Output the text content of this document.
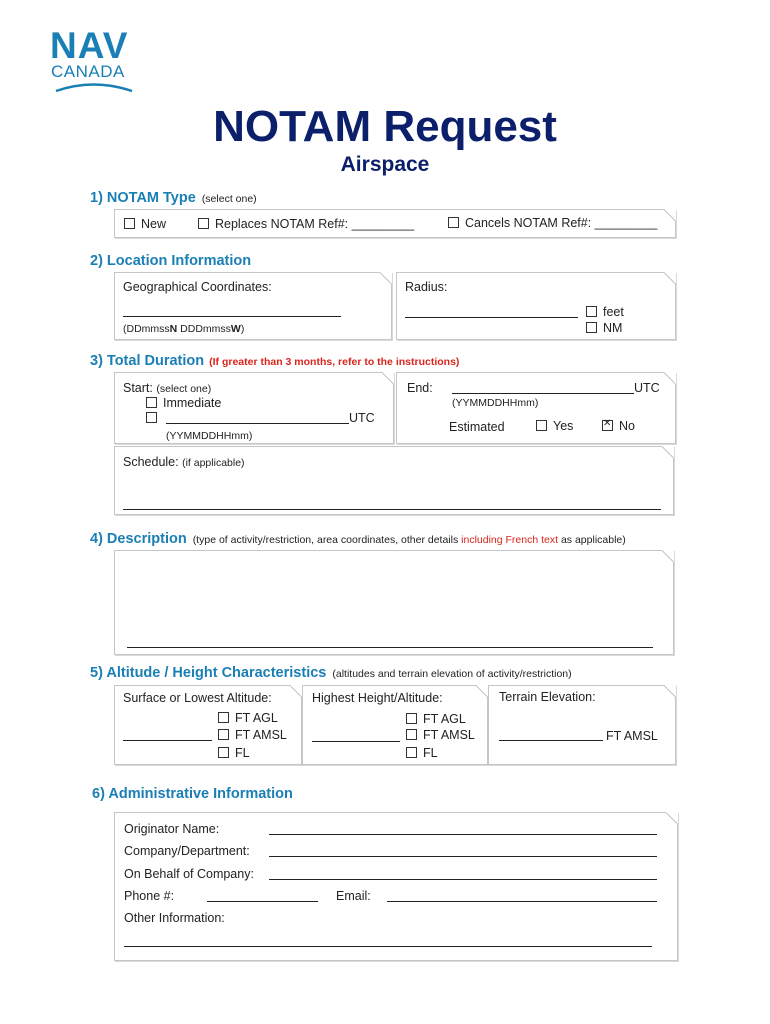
NAV
CANADA
NOTAM Request
Airspace
1) NOTAM Type (select one)
New	Replaces NOTAM Ref#: _________	Cancels NOTAM Ref#: _________
2) Location Information
Geographical Coordinates:
(DDmmssN DDDmmssW)
Radius:
feet
NM
3) Total Duration (If greater than 3 months, refer to the instructions)
Start: (select one)
Immediate
UTC
(YYMMDDHHmm)
End:	UTC
(YYMMDDHHmm)
Estimated	Yes
✕	No
Schedule: (if applicable)
4) Description (type of activity/restriction, area coordinates, other details including French text as applicable)
5) Altitude / Height Characteristics (altitudes and terrain elevation of activity/restriction)
Surface or Lowest Altitude:
FT AGL
FT AMSL
FL
Highest Height/Altitude:
FT AGL
FT AMSL
FL
Terrain Elevation:
FT AMSL
6) Administrative Information
Originator Name:
Company/Department:
On Behalf of Company:
Phone #:	Email:
Other Information:
